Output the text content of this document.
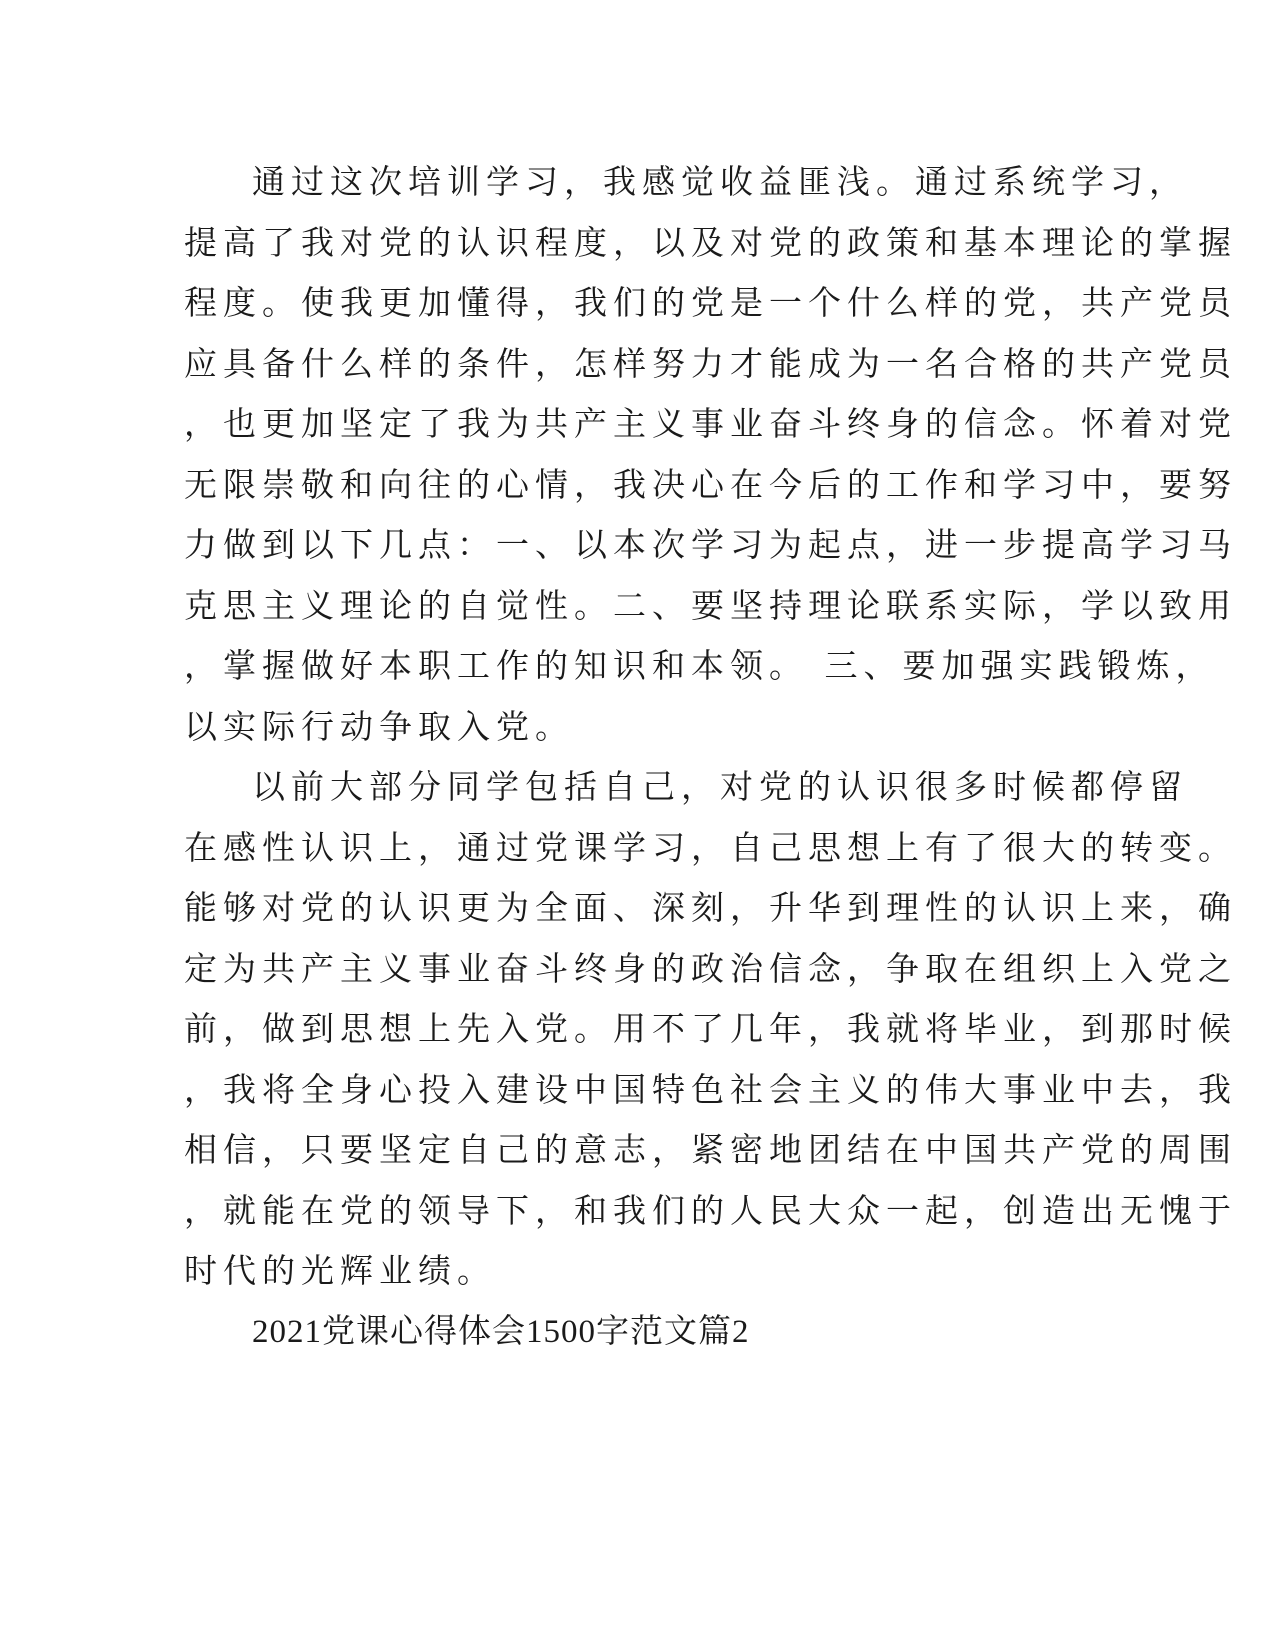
通过这次培训学习，我感觉收益匪浅。通过系统学习，
提高了我对党的认识程度，以及对党的政策和基本理论的掌握
程度。使我更加懂得，我们的党是一个什么样的党，共产党员
应具备什么样的条件，怎样努力才能成为一名合格的共产党员
，也更加坚定了我为共产主义事业奋斗终身的信念。怀着对党
无限崇敬和向往的心情，我决心在今后的工作和学习中，要努
力做到以下几点：一、以本次学习为起点，进一步提高学习马
克思主义理论的自觉性。二、要坚持理论联系实际，学以致用
，掌握做好本职工作的知识和本领。 三、要加强实践锻炼，
以实际行动争取入党。
以前大部分同学包括自己，对党的认识很多时候都停留
在感性认识上，通过党课学习，自己思想上有了很大的转变。
能够对党的认识更为全面、深刻，升华到理性的认识上来，确
定为共产主义事业奋斗终身的政治信念，争取在组织上入党之
前，做到思想上先入党。用不了几年，我就将毕业，到那时候
，我将全身心投入建设中国特色社会主义的伟大事业中去，我
相信，只要坚定自己的意志，紧密地团结在中国共产党的周围
，就能在党的领导下，和我们的人民大众一起，创造出无愧于
时代的光辉业绩。
2021党课心得体会1500字范文篇2
